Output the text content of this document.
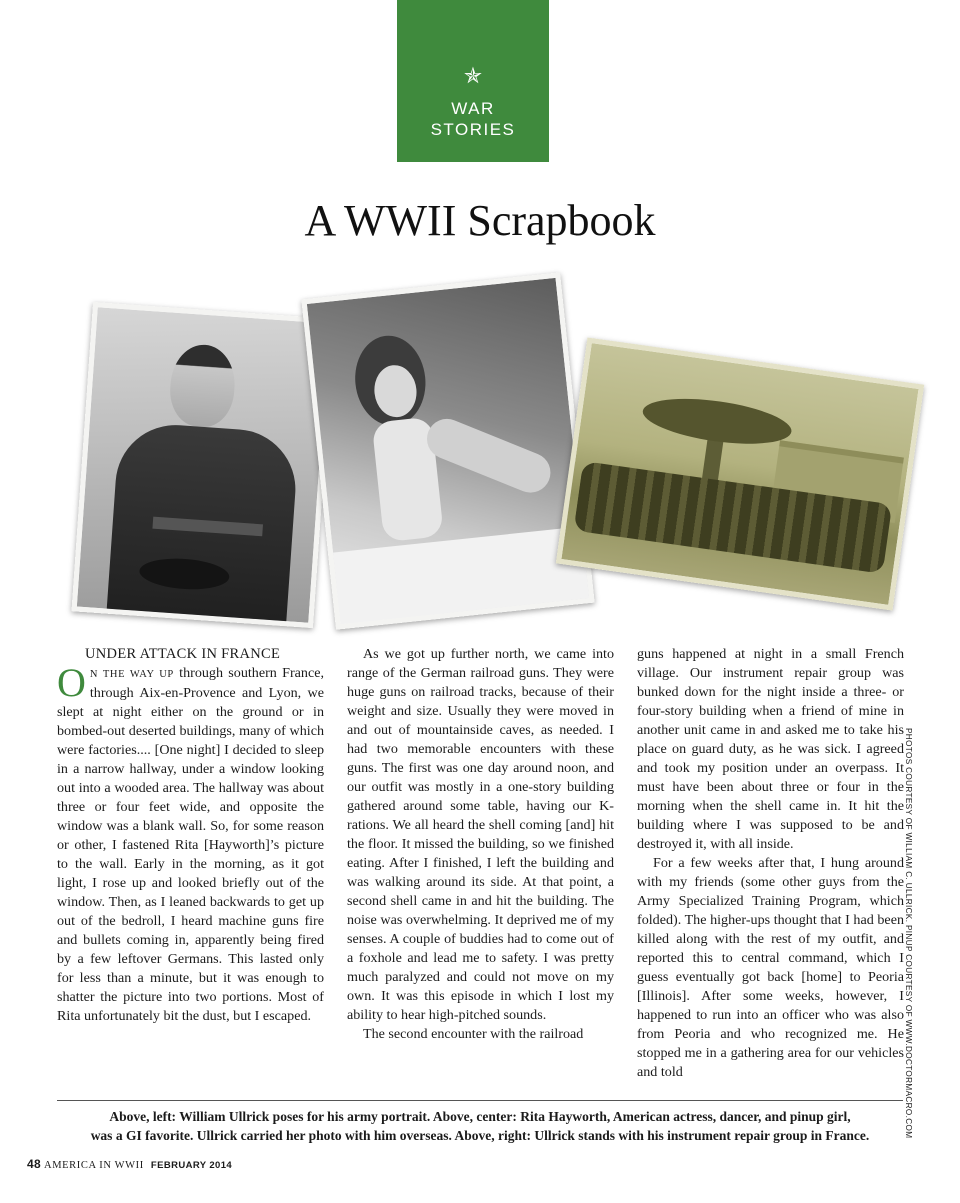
✯
WAR
STORIES
A WWII Scrapbook

UNDER ATTACK IN FRANCE

O N THE WAY UP through southern France, through Aix-en-Provence and Lyon, we slept at night either on the ground or in bombed-out deserted buildings, many of which were factories.... [One night] I decided to sleep in a narrow hallway, under a window looking out into a wooded area. The hallway was about three or four feet wide, and opposite the window was a blank wall. So, for some reason or other, I fastened Rita [Hayworth]’s picture to the wall. Early in the morning, as it got light, I rose up and looked briefly out of the window. Then, as I leaned backwards to get up out of the bedroll, I heard machine guns fire and bullets coming in, apparently being fired by a few leftover Germans. This lasted only for less than a minute, but it was enough to shatter the picture into two portions. Most of Rita unfortunately bit the dust, but I escaped.

As we got up further north, we came into range of the German railroad guns. They were huge guns on railroad tracks, because of their weight and size. Usually they were moved in and out of mountainside caves, as needed. I had two memorable encounters with these guns. The first was one day around noon, and our outfit was mostly in a one-story building gathered around some table, having our K-rations. We all heard the shell coming [and] hit the floor. It missed the building, so we finished eating. After I finished, I left the building and was walking around its side. At that point, a second shell came in and hit the building. The noise was overwhelming. It deprived me of my senses. A couple of buddies had to come out of a foxhole and lead me to safety. I was pretty much paralyzed and could not move on my own. It was this episode in which I lost my ability to hear high-pitched sounds.

The second encounter with the railroad

guns happened at night in a small French village. Our instrument repair group was bunked down for the night inside a three- or four-story building when a friend of mine in another unit came in and asked me to take his place on guard duty, as he was sick. I agreed and took my position under an overpass. It must have been about three or four in the morning when the shell came in. It hit the building where I was supposed to be and destroyed it, with all inside.

For a few weeks after that, I hung around with my friends (some other guys from the Army Specialized Training Program, which folded). The higher-ups thought that I had been killed along with the rest of my outfit, and reported this to central command, which I guess eventually got back [home] to Peoria [Illinois]. After some weeks, however, I happened to run into an officer who was also from Peoria and who recognized me. He stopped me in a gathering area for our vehicles and told	PHOTOS COURTESY OF WILLIAM C. ULLRICK. PINUP COURTESY OF WWW.DOCTORMACRO.COM
Above, left: William Ullrick poses for his army portrait. Above, center: Rita Hayworth, American actress, dancer, and pinup girl,
was a GI favorite. Ullrick carried her photo with him overseas. Above, right: Ullrick stands with his instrument repair group in France.
48 AMERICA IN WWII FEBRUARY 2014
